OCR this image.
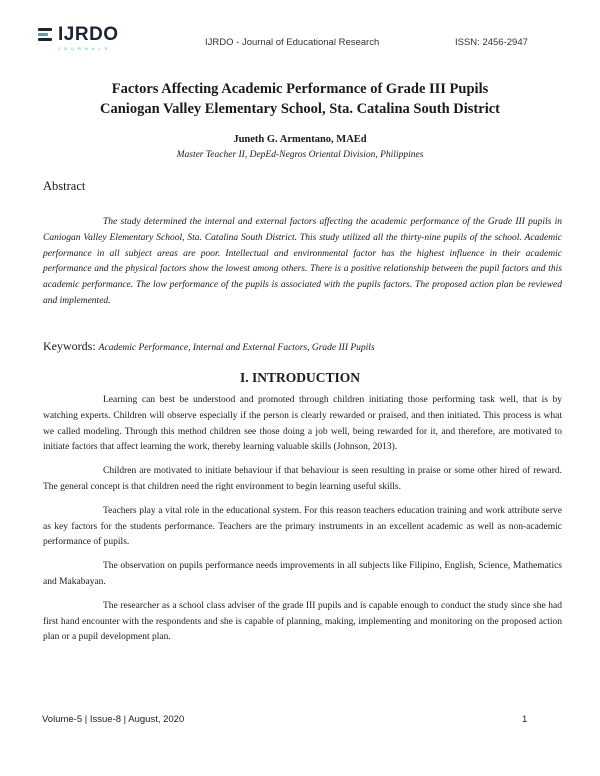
IJRDO
JOURNALS
IJRDO - Journal of Educational Research	ISSN: 2456-2947
Factors Affecting Academic Performance of Grade III Pupils
Caniogan Valley Elementary School, Sta. Catalina South District
Juneth G. Armentano, MAEd
Master Teacher II, DepEd-Negros Oriental Division, Philippines
Abstract

The study determined the internal and external factors affecting the academic performance of the Grade III pupils in Caniogan Valley Elementary School, Sta. Catalina South District. This study utilized all the thirty-nine pupils of the school. Academic performance in all subject areas are poor. Intellectual and environmental factor has the highest influence in their academic performance and the physical factors show the lowest among others. There is a positive relationship between the pupil factors and this academic performance. The low performance of the pupils is associated with the pupils factors. The proposed action plan be reviewed and implemented.

Keywords: Academic Performance, Internal and External Factors, Grade III Pupils
I. INTRODUCTION

Learning can best be understood and promoted through children initiating those performing task well, that is by watching experts. Children will observe especially if the person is clearly rewarded or praised, and then initiated. This process is what we called modeling. Through this method children see those doing a job well, being rewarded for it, and therefore, are motivated to initiate factors that affect learning the work, thereby learning valuable skills (Johnson, 2013).

Children are motivated to initiate behaviour if that behaviour is seen resulting in praise or some other hired of reward. The general concept is that children need the right environment to begin learning useful skills.

Teachers play a vital role in the educational system. For this reason teachers education training and work attribute serve as key factors for the students performance. Teachers are the primary instruments in an excellent academic as well as non-academic performance of pupils.

The observation on pupils performance needs improvements in all subjects like Filipino, English, Science, Mathematics and Makabayan.

The researcher as a school class adviser of the grade III pupils and is capable enough to conduct the study since she had first hand encounter with the respondents and she is capable of planning, making, implementing and monitoring on the proposed action plan or a pupil development plan.

Volume-5 | Issue-8 | August, 2020	1
